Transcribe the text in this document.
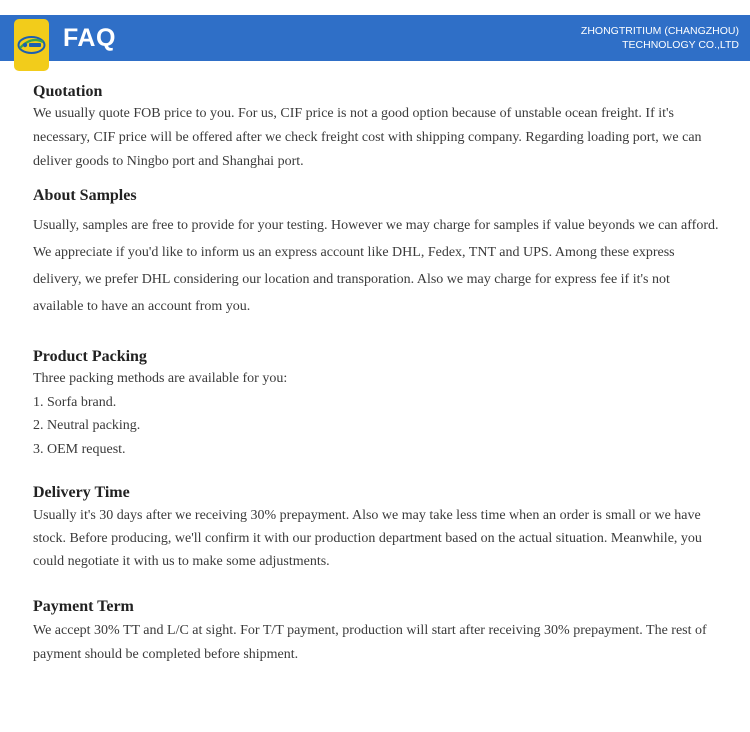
FAQ	ZHONGTRITIUM (CHANGZHOU)
TECHNOLOGY CO.,LTD
Quotation

We usually quote FOB price to you. For us, CIF price is not a good option because of unstable ocean freight. If it's necessary, CIF price will be offered after we check freight cost with shipping company. Regarding loading port, we can deliver goods to Ningbo port and Shanghai port.

About Samples

Usually, samples are free to provide for your testing. However we may charge for samples if value beyonds we can afford. We appreciate if you'd like to inform us an express account like DHL, Fedex, TNT and UPS. Among these express delivery, we prefer DHL considering our location and transporation. Also we may charge for express fee if it's not available to have an account from you.

Product Packing

Three packing methods are available for you:

1. Sorfa brand.

2. Neutral packing.

3. OEM request.

Delivery Time

Usually it's 30 days after we receiving 30% prepayment. Also we may take less time when an order is small or we have stock. Before producing, we'll confirm it with our production department based on the actual situation. Meanwhile, you could negotiate it with us to make some adjustments.

Payment Term

We accept 30% TT and L/C at sight. For T/T payment, production will start after receiving 30% prepayment. The rest of payment should be completed before shipment.
